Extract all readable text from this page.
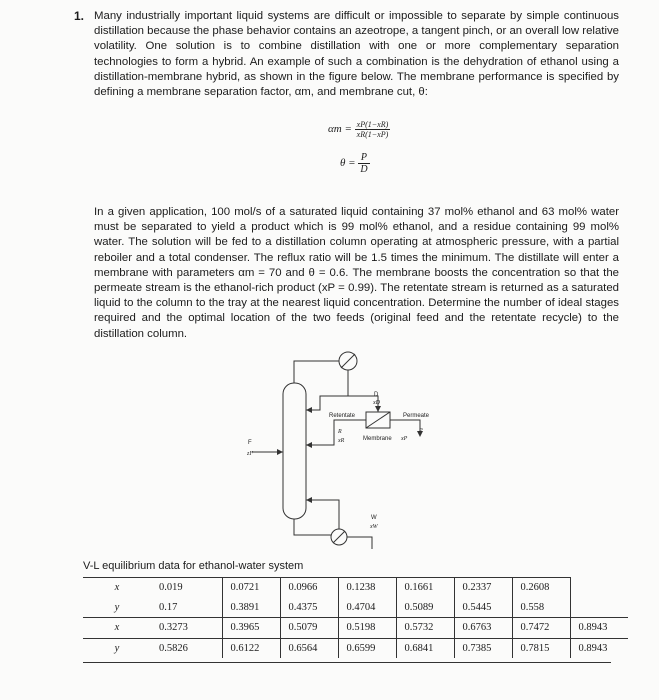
1. Many industrially important liquid systems are difficult or impossible to separate by simple continuous distillation because the phase behavior contains an azeotrope, a tangent pinch, or an overall low relative volatility. One solution is to combine distillation with one or more complementary separation technologies to form a hybrid. An example of such a combination is the dehydration of ethanol using a distillation-membrane hybrid, as shown in the figure below. The membrane performance is specified by defining a membrane separation factor, αm, and membrane cut, θ:

$\alpha m = \frac{xP(1-xR)}{xR(1-xP)}$
$\theta = \frac{P}{D}$

In a given application, 100 mol/s of a saturated liquid containing 37 mol% ethanol and 63 mol% water must be separated to yield a product which is 99 mol% ethanol, and a residue containing 99 mol% water. The solution will be fed to a distillation column operating at atmospheric pressure, with a partial reboiler and a total condenser. The reflux ratio will be 1.5 times the minimum. The distillate will enter a membrane with parameters αm = 70 and θ = 0.6. The membrane boosts the concentration so that the permeate stream is the ethanol-rich product (xP = 0.99). The retentate stream is returned as a saturated liquid to the column to the tray at the nearest liquid concentration. Determine the number of ideal stages required and the optimal location of the two feeds (original feed and the retentate recycle) to the distillation column.

F
zF
D
xD
Retentate
R
xR
Permeate
P
Membrane xP
W
xW
V-L equilibrium data for ethanol-water system
x	0.019	0.0721	0.0966	0.1238	0.1661	0.2337	0.2608	
y	0.17	0.3891	0.4375	0.4704	0.5089	0.5445	0.558	
x	0.3273	0.3965	0.5079	0.5198	0.5732	0.6763	0.7472	0.8943
y	0.5826	0.6122	0.6564	0.6599	0.6841	0.7385	0.7815	0.8943
